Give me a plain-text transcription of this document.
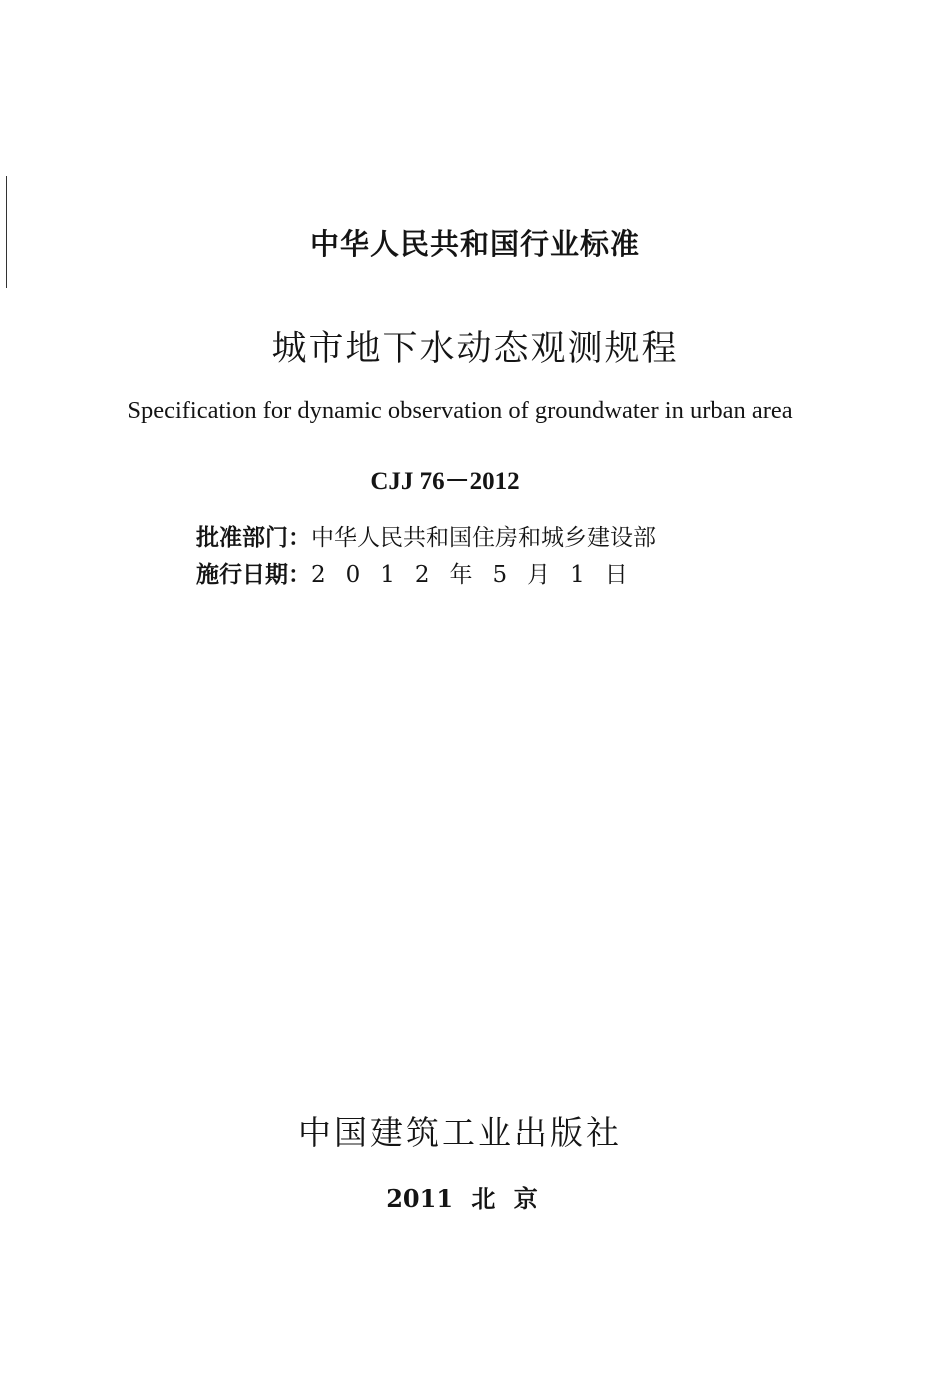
中华人民共和国行业标准
城市地下水动态观测规程
Specification for dynamic observation of groundwater in urban area
CJJ 76－2012
批准部门：中华人民共和国住房和城乡建设部
施行日期：2012年5月1日
中国建筑工业出版社
2011 北 京
